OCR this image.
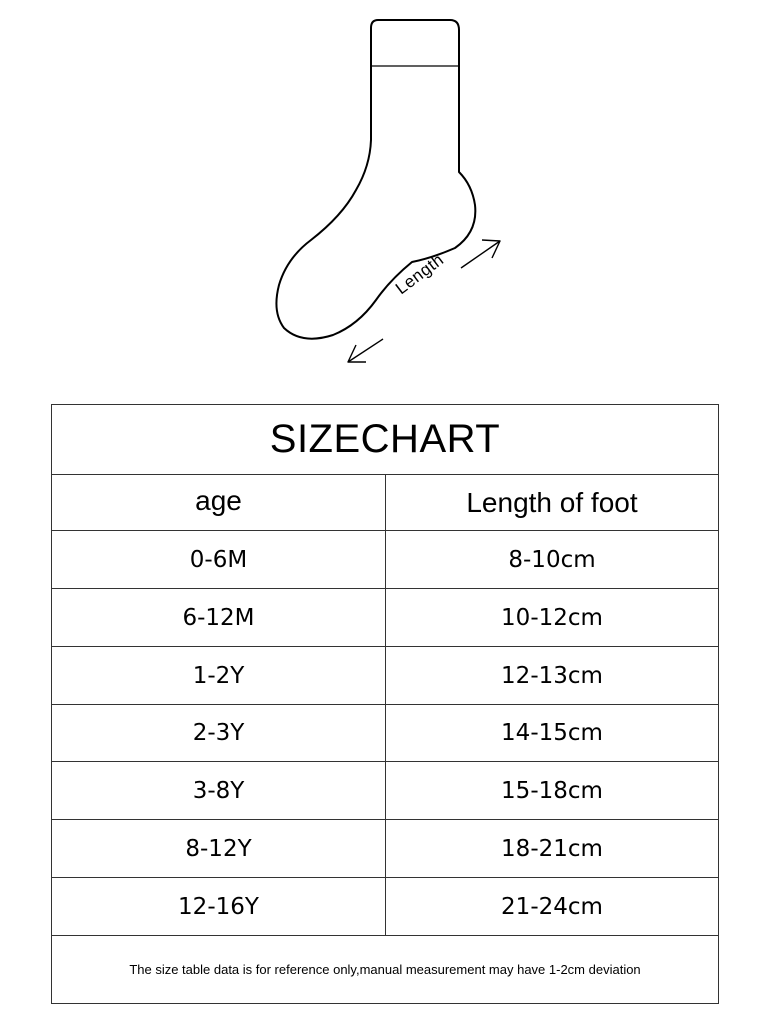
Length
SIZECHART
age	Length of foot
0-6M	8-10cm
6-12M	10-12cm
1-2Y	12-13cm
2-3Y	14-15cm
3-8Y	15-18cm
8-12Y	18-21cm
12-16Y	21-24cm
The size table data is for reference only,manual measurement may have 1-2cm deviation
